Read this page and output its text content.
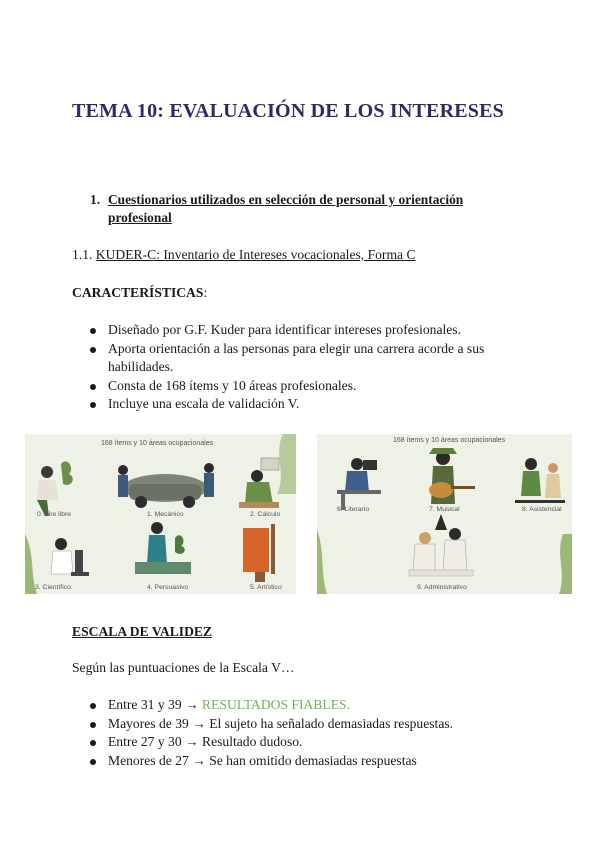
TEMA 10: EVALUACIÓN DE LOS INTERESES
1. Cuestionarios utilizados en selección de personal y orientación profesional
1.1. KUDER-C: Inventario de Intereses vocacionales, Forma C
CARACTERÍSTICAS:
Diseñado por G.F. Kuder para identificar intereses profesionales.
Aporta orientación a las personas para elegir una carrera acorde a sus habilidades.
Consta de 168 ítems y 10 áreas profesionales.
Incluye una escala de validación V.
168 ítems y 10 áreas ocupacionales
0. Aire libre	1. Mecánico	2. Cálculo
3. Científico	4. Persuasivo	5. Artístico
168 ítems y 10 áreas ocupacionales
6. Literario	7. Musical	8. Asistencial
9. Administrativo
ESCALA DE VALIDEZ
Según las puntuaciones de la Escala V…
Entre 31 y 39 → RESULTADOS FIABLES.
Mayores de 39 → El sujeto ha señalado demasiadas respuestas.
Entre 27 y 30 → Resultado dudoso.
Menores de 27 → Se han omitido demasiadas respuestas
